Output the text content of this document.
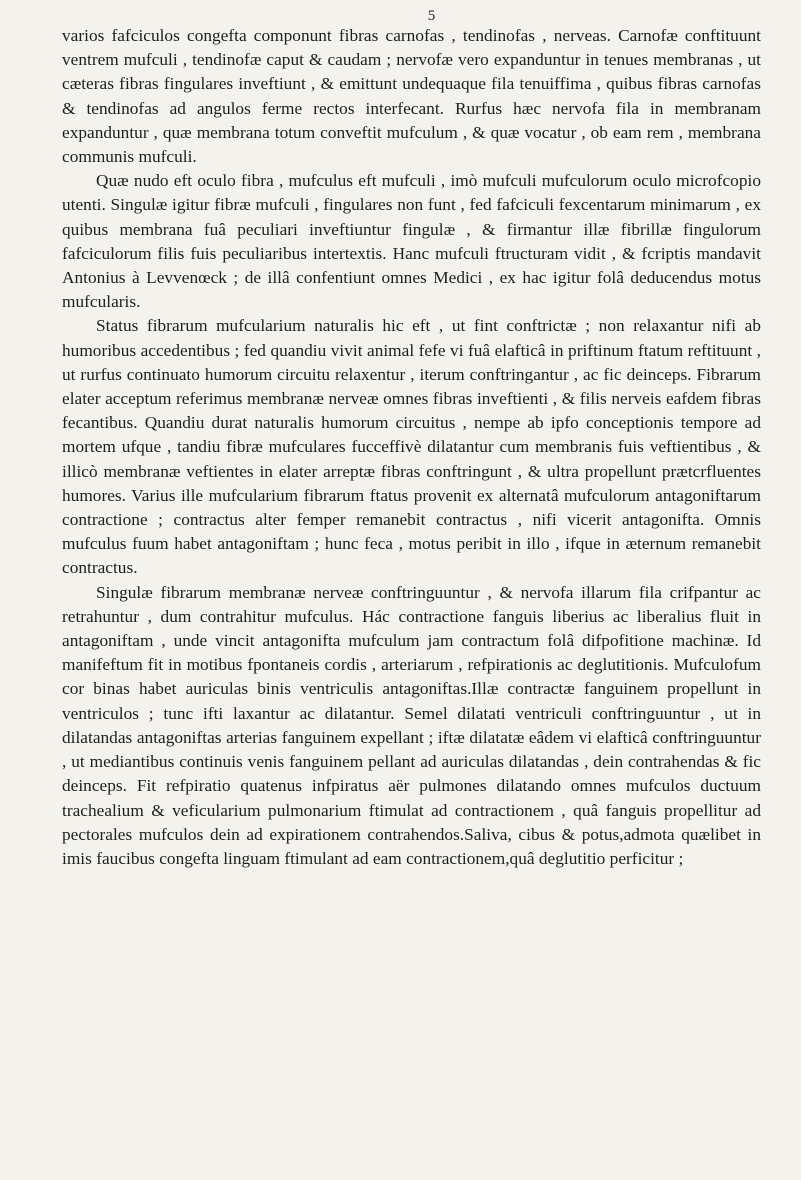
5

varios fafciculos congefta componunt fibras carnofas , tendinofas , nerveas. Carnofæ conftituunt ventrem mufculi , tendinofæ caput & caudam ; nervofæ vero expanduntur in tenues membranas , ut cæteras fibras fingulares inveftiunt , & emittunt undequaque fila tenuiffima , quibus fibras carnofas & tendinofas ad angulos ferme rectos interfecant. Rurfus hæc nervofa fila in membranam expanduntur , quæ membrana totum conveftit mufculum , & quæ vocatur , ob eam rem , membrana communis mufculi.

Quæ nudo eft oculo fibra , mufculus eft mufculi , imò mufculi mufculorum oculo microfcopio utenti. Singulæ igitur fibræ mufculi , fingulares non funt , fed fafciculi fexcentarum minimarum , ex quibus membrana fuâ peculiari inveftiuntur fingulæ , & firmantur illæ fibrillæ fingulorum fafciculorum filis fuis peculiaribus intertextis. Hanc mufculi ftructuram vidit , & fcriptis mandavit Antonius à Levvenœck ; de illâ confentiunt omnes Medici , ex hac igitur folâ deducendus motus mufcularis.

Status fibrarum mufcularium naturalis hic eft , ut fint conftrictæ ; non relaxantur nifi ab humoribus accedentibus ; fed quandiu vivit animal fefe vi fuâ elafticâ in priftinum ftatum reftituunt , ut rurfus continuato humorum circuitu relaxentur , iterum conftringantur , ac fic deinceps. Fibrarum elater acceptum referimus membranæ nerveæ omnes fibras inveftienti , & filis nerveis eafdem fibras fecantibus. Quandiu durat naturalis humorum circuitus , nempe ab ipfo conceptionis tempore ad mortem ufque , tandiu fibræ mufculares fucceffivè dilatantur cum membranis fuis veftientibus , & illicò membranæ veftientes in elater arreptæ fibras conftringunt , & ultra propellunt prætcrfluentes humores. Varius ille mufcularium fibrarum ftatus provenit ex alternatâ mufculorum antagoniftarum contractione ; contractus alter femper remanebit contractus , nifi vicerit antagonifta. Omnis mufculus fuum habet antagoniftam ; hunc feca , motus peribit in illo , ifque in æternum remanebit contractus.

Singulæ fibrarum membranæ nerveæ conftringuuntur , & nervofa illarum fila crifpantur ac retrahuntur , dum contrahitur mufculus. Hác contractione fanguis liberius ac liberalius fluit in antagoniftam , unde vincit antagonifta mufculum jam contractum folâ difpofitione machinæ. Id manifeftum fit in motibus fpontaneis cordis , arteriarum , refpirationis ac deglutitionis. Mufculofum cor binas habet auriculas binis ventriculis antagoniftas.Illæ contractæ fanguinem propellunt in ventriculos ; tunc ifti laxantur ac dilatantur. Semel dilatati ventriculi conftringuuntur , ut in dilatandas antagoniftas arterias fanguinem expellant ; iftæ dilatatæ eâdem vi elafticâ conftringuuntur , ut mediantibus continuis venis fanguinem pellant ad auriculas dilatandas , dein contrahendas & fic deinceps. Fit refpiratio quatenus infpiratus aër pulmones dilatando omnes mufculos ductuum trachealium & veficularium pulmonarium ftimulat ad contractionem , quâ fanguis propellitur ad pectorales mufculos dein ad expirationem contrahendos.Saliva, cibus & potus,admota quælibet in imis faucibus congefta linguam ftimulant ad eam contractionem,quâ deglutitio perficitur ;
